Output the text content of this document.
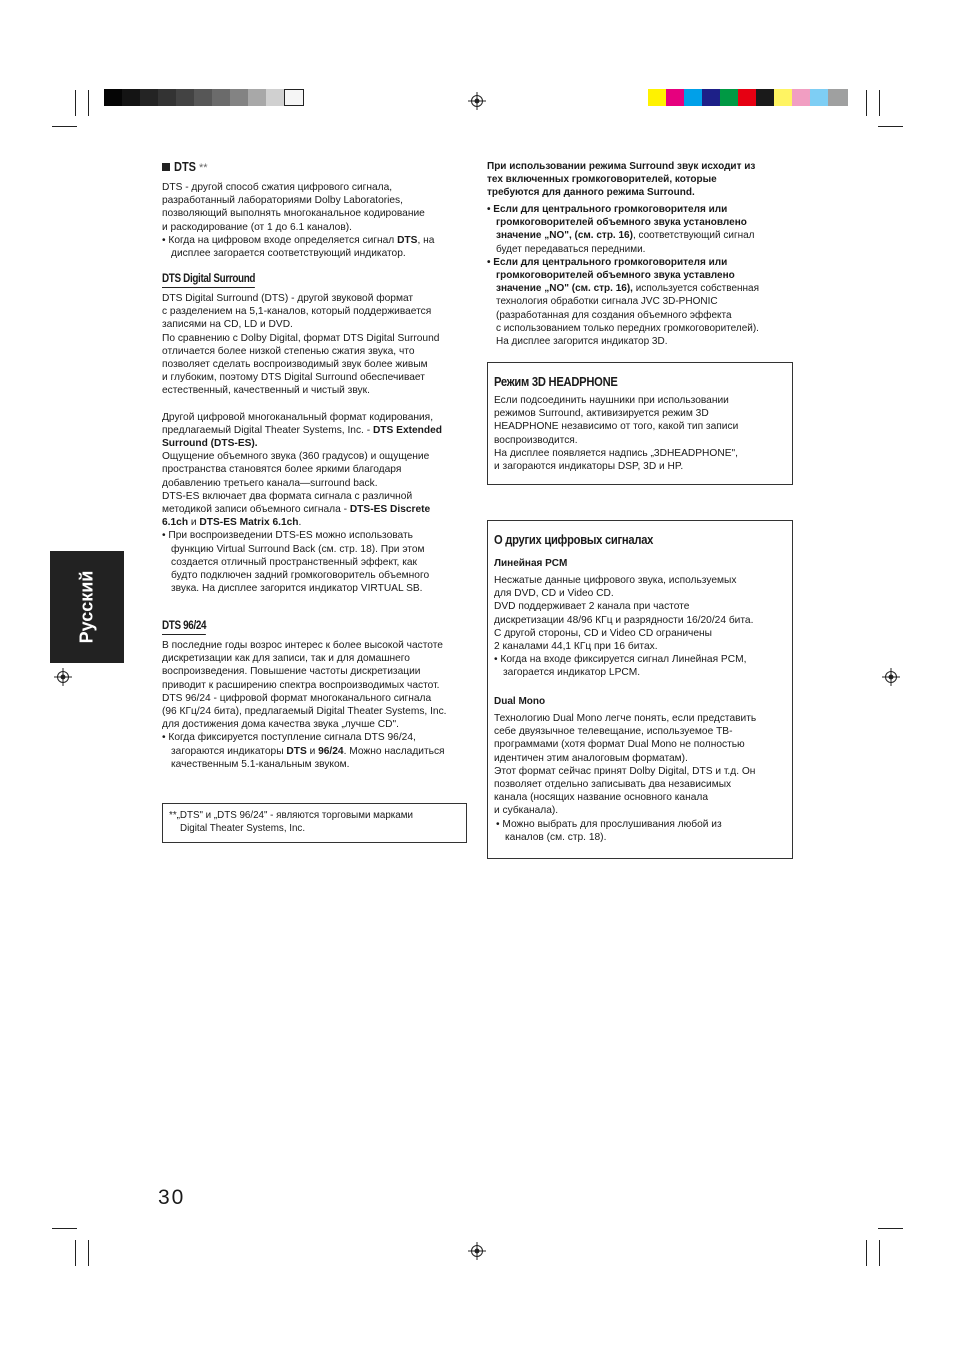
Русский
DTS **
DTS - другой способ сжатия цифрового сигнала,
разработанный лабораториями Dolby Laboratories,
позволяющий выполнять многоканальное кодирование
и раскодирование (от 1 до 6.1 каналов).
• Когда на цифровом входе определяется сигнал DTS, на
дисплее загорается соответствующий индикатор.
DTS Digital Surround
DTS Digital Surround (DTS) - другой звуковой формат
с разделением на 5,1-каналов, который поддерживается
записями на CD, LD и DVD.
По сравнению с Dolby Digital, формат DTS Digital Surround
отличается более низкой степенью сжатия звука, что
позволяет сделать воспроизводимый звук более живым
и глубоким, поэтому DTS Digital Surround обеспечивает
естественный, качественный и чистый звук.
Другой цифровой многоканальный формат кодирования,
предлагаемый Digital Theater Systems, Inc. - DTS Extended
Surround (DTS-ES).
Ощущение объемного звука (360 градусов) и ощущение
пространства становятся более яркими благодаря
добавлению третьего канала—surround back.
DTS-ES включает два формата сигнала с различной
методикой записи объемного сигнала - DTS-ES Discrete
6.1ch и DTS-ES Matrix 6.1ch.
• При воспроизведении DTS-ES можно использовать
функцию Virtual Surround Back (см. стр. 18). При этом
создается отличный пространственный эффект, как
будто подключен задний громкоговоритель объемного
звука. На дисплее загорится индикатор VIRTUAL SB.
DTS 96/24
В последние годы возрос интерес к более высокой частоте
дискретизации как для записи, так и для домашнего
воспроизведения. Повышение частоты дискретизации
приводит к расширению спектра воспроизводимых частот.
DTS 96/24 - цифровой формат многоканального сигнала
(96 КГц/24 бита), предлагаемый Digital Theater Systems, Inc.
для достижения дома качества звука „лучше CD".
• Когда фиксируется поступление сигнала DTS 96/24,
загораются индикаторы DTS и 96/24. Можно насладиться
качественным 5.1-канальным звуком.
**„DTS" и „DTS 96/24" - являются торговыми марками
Digital Theater Systems, Inc.
При использовании режима Surround звук исходит из
тех включенных громкоговорителей, которые
требуются для данного режима Surround.
• Если для центрального громкоговорителя или
громкоговорителей объемного звука установлено
значение „NO", (см. стр. 16), соответствующий сигнал
будет передаваться передними.
• Если для центрального громкоговорителя или
громкоговорителей объемного звука уставлено
значение „NO" (см. стр. 16), используется собственная
технология обработки сигнала JVC 3D-PHONIC
(разработанная для создания объемного эффекта
с использованием только передних громкоговорителей).
На дисплее загорится индикатор 3D.
Режим 3D HEADPHONE
Если подсоединить наушники при использовании
режимов Surround, активизируется режим 3D
HEADPHONE независимо от того, какой тип записи
воспроизводится.
На дисплее появляется надпись „3DHEADPHONE",
и загораются индикаторы DSP, 3D и HP.
О других цифровых сигналах
Линейная PCM
Несжатые данные цифрового звука, используемых
для DVD, CD и Video CD.
DVD поддерживает 2 канала при частоте
дискретизации 48/96 КГц и разрядности 16/20/24 бита.
С другой стороны, CD и Video CD ограничены
2 каналами 44,1 КГц при 16 битах.
• Когда на входе фиксируется сигнал Линейная PCM,
загорается индикатор LPCM.
Dual Mono
Технологию Dual Mono легче понять, если представить
себе двуязычное телевещание, используемое ТВ-
программами (хотя формат Dual Mono не полностью
идентичен этим аналоговым форматам).
Этот формат сейчас принят Dolby Digital, DTS и т.д. Он
позволяет отдельно записывать два независимых
канала (носящих название основного канала
и субканала).
• Можно выбрать для прослушивания любой из
каналов (см. стр. 18).
30
